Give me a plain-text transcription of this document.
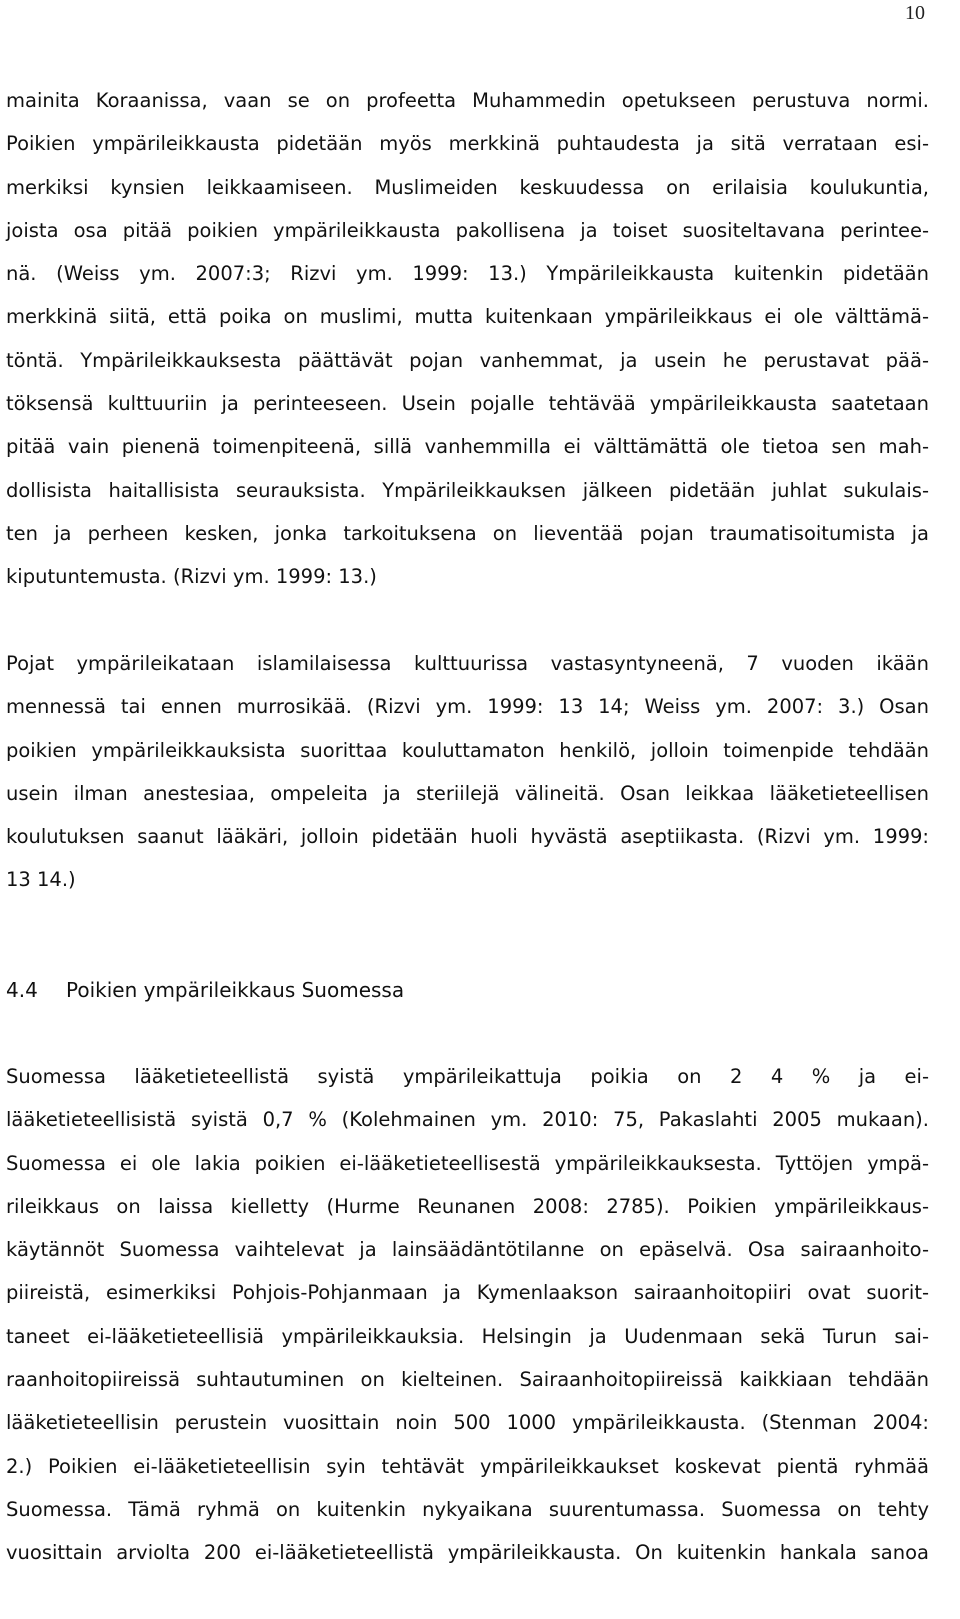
10
mainita Koraanissa, vaan se on profeetta Muhammedin opetukseen perustuva normi.
Poikien ympärileikkausta pidetään myös merkkinä puhtaudesta ja sitä verrataan esi-
merkiksi kynsien leikkaamiseen. Muslimeiden keskuudessa on erilaisia koulukuntia,
joista osa pitää poikien ympärileikkausta pakollisena ja toiset suositeltavana perintee-
nä. (Weiss ym. 2007:3; Rizvi ym. 1999: 13.) Ympärileikkausta kuitenkin pidetään
merkkinä siitä, että poika on muslimi, mutta kuitenkaan ympärileikkaus ei ole välttämä-
töntä. Ympärileikkauksesta päättävät pojan vanhemmat, ja usein he perustavat pää-
töksensä kulttuuriin ja perinteeseen. Usein pojalle tehtävää ympärileikkausta saatetaan
pitää vain pienenä toimenpiteenä, sillä vanhemmilla ei välttämättä ole tietoa sen mah-
dollisista haitallisista seurauksista. Ympärileikkauksen jälkeen pidetään juhlat sukulais-
ten ja perheen kesken, jonka tarkoituksena on lieventää pojan traumatisoitumista ja
kiputuntemusta. (Rizvi ym. 1999: 13.)
Pojat ympärileikataan islamilaisessa kulttuurissa vastasyntyneenä, 7 vuoden ikään
mennessä tai ennen murrosikää. (Rizvi ym. 1999: 13 14; Weiss ym. 2007: 3.) Osan
poikien ympärileikkauksista suorittaa kouluttamaton henkilö, jolloin toimenpide tehdään
usein ilman anestesiaa, ompeleita ja steriilejä välineitä. Osan leikkaa lääketieteellisen
koulutuksen saanut lääkäri, jolloin pidetään huoli hyvästä aseptiikasta. (Rizvi ym. 1999:
13 14.)
4.4 Poikien ympärileikkaus Suomessa
Suomessa lääketieteellistä syistä ympärileikattuja poikia on 2 4 % ja ei-
lääketieteellisistä syistä 0,7 % (Kolehmainen ym. 2010: 75, Pakaslahti 2005 mukaan).
Suomessa ei ole lakia poikien ei-lääketieteellisestä ympärileikkauksesta. Tyttöjen ympä-
rileikkaus on laissa kielletty (Hurme Reunanen 2008: 2785). Poikien ympärileikkaus-
käytännöt Suomessa vaihtelevat ja lainsäädäntötilanne on epäselvä. Osa sairaanhoito-
piireistä, esimerkiksi Pohjois-Pohjanmaan ja Kymenlaakson sairaanhoitopiiri ovat suorit-
taneet ei-lääketieteellisiä ympärileikkauksia. Helsingin ja Uudenmaan sekä Turun sai-
raanhoitopiireissä suhtautuminen on kielteinen. Sairaanhoitopiireissä kaikkiaan tehdään
lääketieteellisin perustein vuosittain noin 500 1000 ympärileikkausta. (Stenman 2004:
2.) Poikien ei-lääketieteellisin syin tehtävät ympärileikkaukset koskevat pientä ryhmää
Suomessa. Tämä ryhmä on kuitenkin nykyaikana suurentumassa. Suomessa on tehty
vuosittain arviolta 200 ei-lääketieteellistä ympärileikkausta. On kuitenkin hankala sanoa
